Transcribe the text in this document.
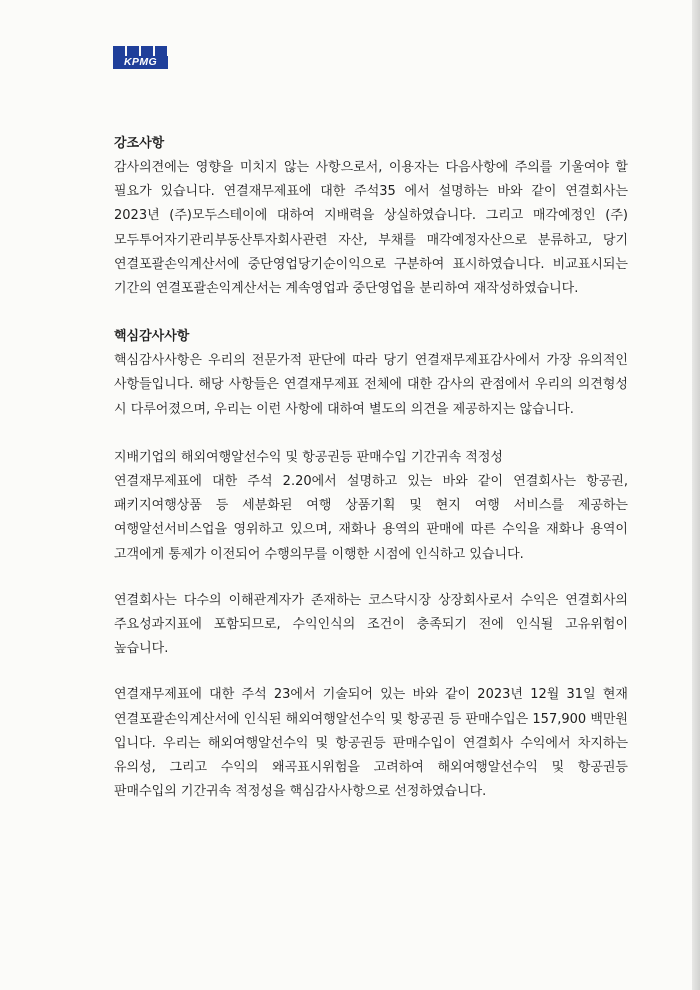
KPMG

강조사항

감사의견에는 영향을 미치지 않는 사항으로서, 이용자는 다음사항에 주의를 기울여야 할 필요가 있습니다. 연결재무제표에 대한 주석35 에서 설명하는 바와 같이 연결회사는 2023년 (주)모두스테이에 대하여 지배력을 상실하였습니다. 그리고 매각예정인 (주)모두투어자기관리부동산투자회사관련 자산, 부채를 매각예정자산으로 분류하고, 당기 연결포괄손익계산서에 중단영업당기순이익으로 구분하여 표시하였습니다. 비교표시되는 기간의 연결포괄손익계산서는 계속영업과 중단영업을 분리하여 재작성하였습니다.

핵심감사사항

핵심감사사항은 우리의 전문가적 판단에 따라 당기 연결재무제표감사에서 가장 유의적인 사항들입니다. 해당 사항들은 연결재무제표 전체에 대한 감사의 관점에서 우리의 의견형성 시 다루어졌으며, 우리는 이런 사항에 대하여 별도의 의견을 제공하지는 않습니다.

지배기업의 해외여행알선수익 및 항공권등 판매수입 기간귀속 적정성

연결재무제표에 대한 주석 2.20에서 설명하고 있는 바와 같이 연결회사는 항공권, 패키지여행상품 등 세분화된 여행 상품기획 및 현지 여행 서비스를 제공하는 여행알선서비스업을 영위하고 있으며, 재화나 용역의 판매에 따른 수익을 재화나 용역이 고객에게 통제가 이전되어 수행의무를 이행한 시점에 인식하고 있습니다.

연결회사는 다수의 이해관계자가 존재하는 코스닥시장 상장회사로서 수익은 연결회사의 주요성과지표에 포함되므로, 수익인식의 조건이 충족되기 전에 인식될 고유위험이 높습니다.

연결재무제표에 대한 주석 23에서 기술되어 있는 바와 같이 2023년 12월 31일 현재 연결포괄손익계산서에 인식된 해외여행알선수익 및 항공권 등 판매수입은 157,900 백만원 입니다. 우리는 해외여행알선수익 및 항공권등 판매수입이 연결회사 수익에서 차지하는 유의성, 그리고 수익의 왜곡표시위험을 고려하여 해외여행알선수익 및 항공권등 판매수입의 기간귀속 적정성을 핵심감사사항으로 선정하였습니다.
